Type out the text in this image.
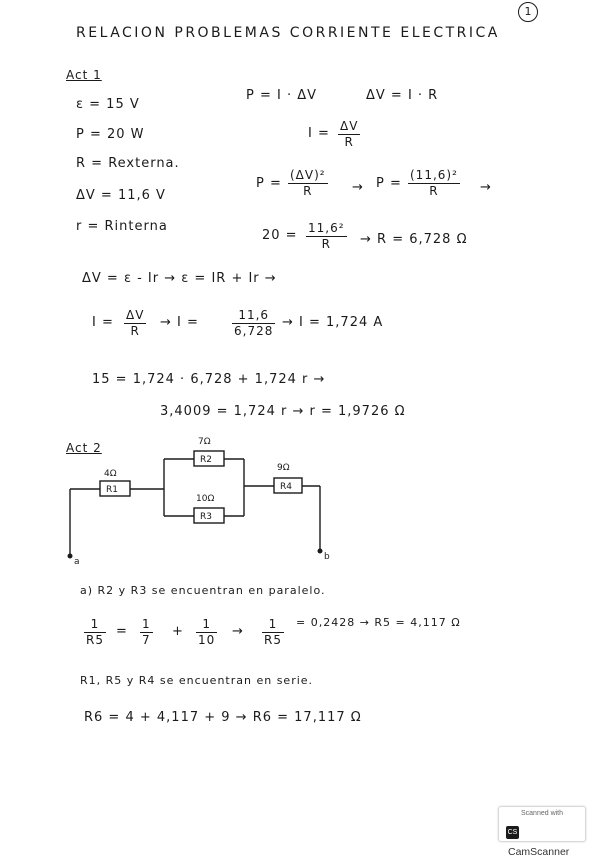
1
RELACION PROBLEMAS CORRIENTE ELECTRICA
Act 1
ε = 15 V
P = 20 W
R = Rexterna.
ΔV = 11,6 V
r = Rinterna
P = I · ΔV	ΔV = I · R
$I = \frac{\Delta V}{R}$
$P = \frac{\text{(ΔV)²}}{R} \to P = \frac{\text{(11,6)²}}{R}$ →
$20 = \frac{\text{11,6²}}{R} \to R = 6,728$ Ω
ΔV = ε - Ir → ε = IR + Ir →
$I = \frac{\Delta V}{R} \to I$ =	$\frac{11,6}{6,728} \to I = 1,724$ A
15 = 1,724 · 6,728 + 1,724 r →
3,4009 = 1,724 r → r = 1,9726 Ω
Act 2
R1
R2
R3
R4
4Ω
7Ω
10Ω
9Ω
a	b
a) R2 y R3 se encuentran en paralelo.
$\frac{1}{R5} = \frac{1}{7} + \frac{1}{10} \to \frac{1}{R5} = 0,2428 \to R5 = 4,117$ Ω
R1, R5 y R4 se encuentran en serie.
R6 = 4 + 4,117 + 9 → R6 = 17,117 Ω
Scanned with
CS CamScanner
